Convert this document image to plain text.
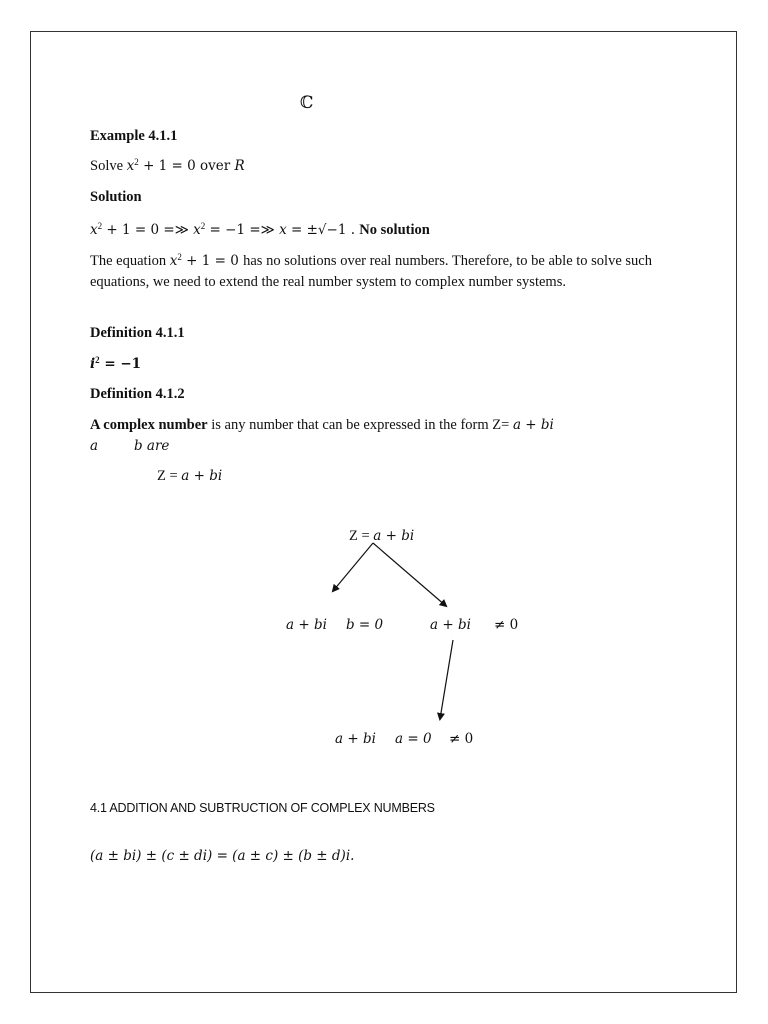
ℂ
Example 4.1.1
Solve $x^2 + 1 = 0$ over R
Solution
$x^2 + 1 = 0$ =≫ $x^2 = -1$ =≫ x = ±√−1 . No solution
The equation $x^2 + 1 = 0$ has no solutions over real numbers. Therefore, to be able to solve such equations, we need to extend the real number system to complex number systems.
Definition 4.1.1
$i^2 = -1$
Definition 4.1.2
A complex number is any number that can be expressed in the form Z= a + bi
a	b are
Z = a + bi
Z = a + bi
a + bi b = 0	a + bi ≠ 0
a + bi a = 0 ≠ 0
4.1 ADDITION AND SUBTRUCTION OF COMPLEX NUMBERS
(a ± bi) ± (c ± di) = (a ± c) ± (b ± d)i.
